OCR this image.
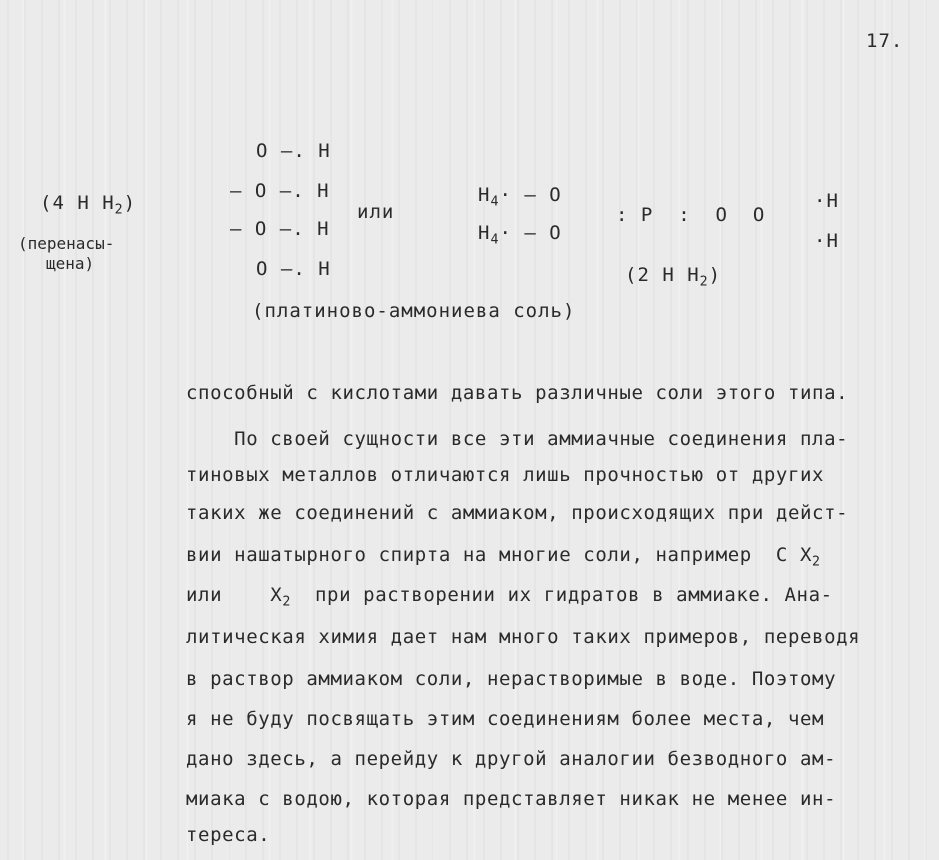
17.
(4 H $H_2$)
(перенасы-
щена)
O –. H
– O –. H
– O –. H
O –. H
или
$H_4\cdot - O$
$H_4\cdot - O$
: P  :  O  O
·H
·H
(2 H $H_2$)
(платиново-аммониева соль)
способный с кислотами давать различные соли этого типа.
По своей сущности все эти аммиачные соединения пла-
тиновых металлов отличаются лишь прочностью от других
таких же соединений с аммиаком, происходящих при дейст-
вии нашатырного спирта на многие соли, например  C $X_2$
или    $X_2$  при растворении их гидратов в аммиаке. Ана-
литическая химия дает нам много таких примеров, переводя
в раствор аммиаком соли, нерастворимые в воде. Поэтому
я не буду посвящать этим соединениям более места, чем
дано здесь, а перейду к другой аналогии безводного ам-
миака с водою, которая представляет никак не менее ин-
тереса.
